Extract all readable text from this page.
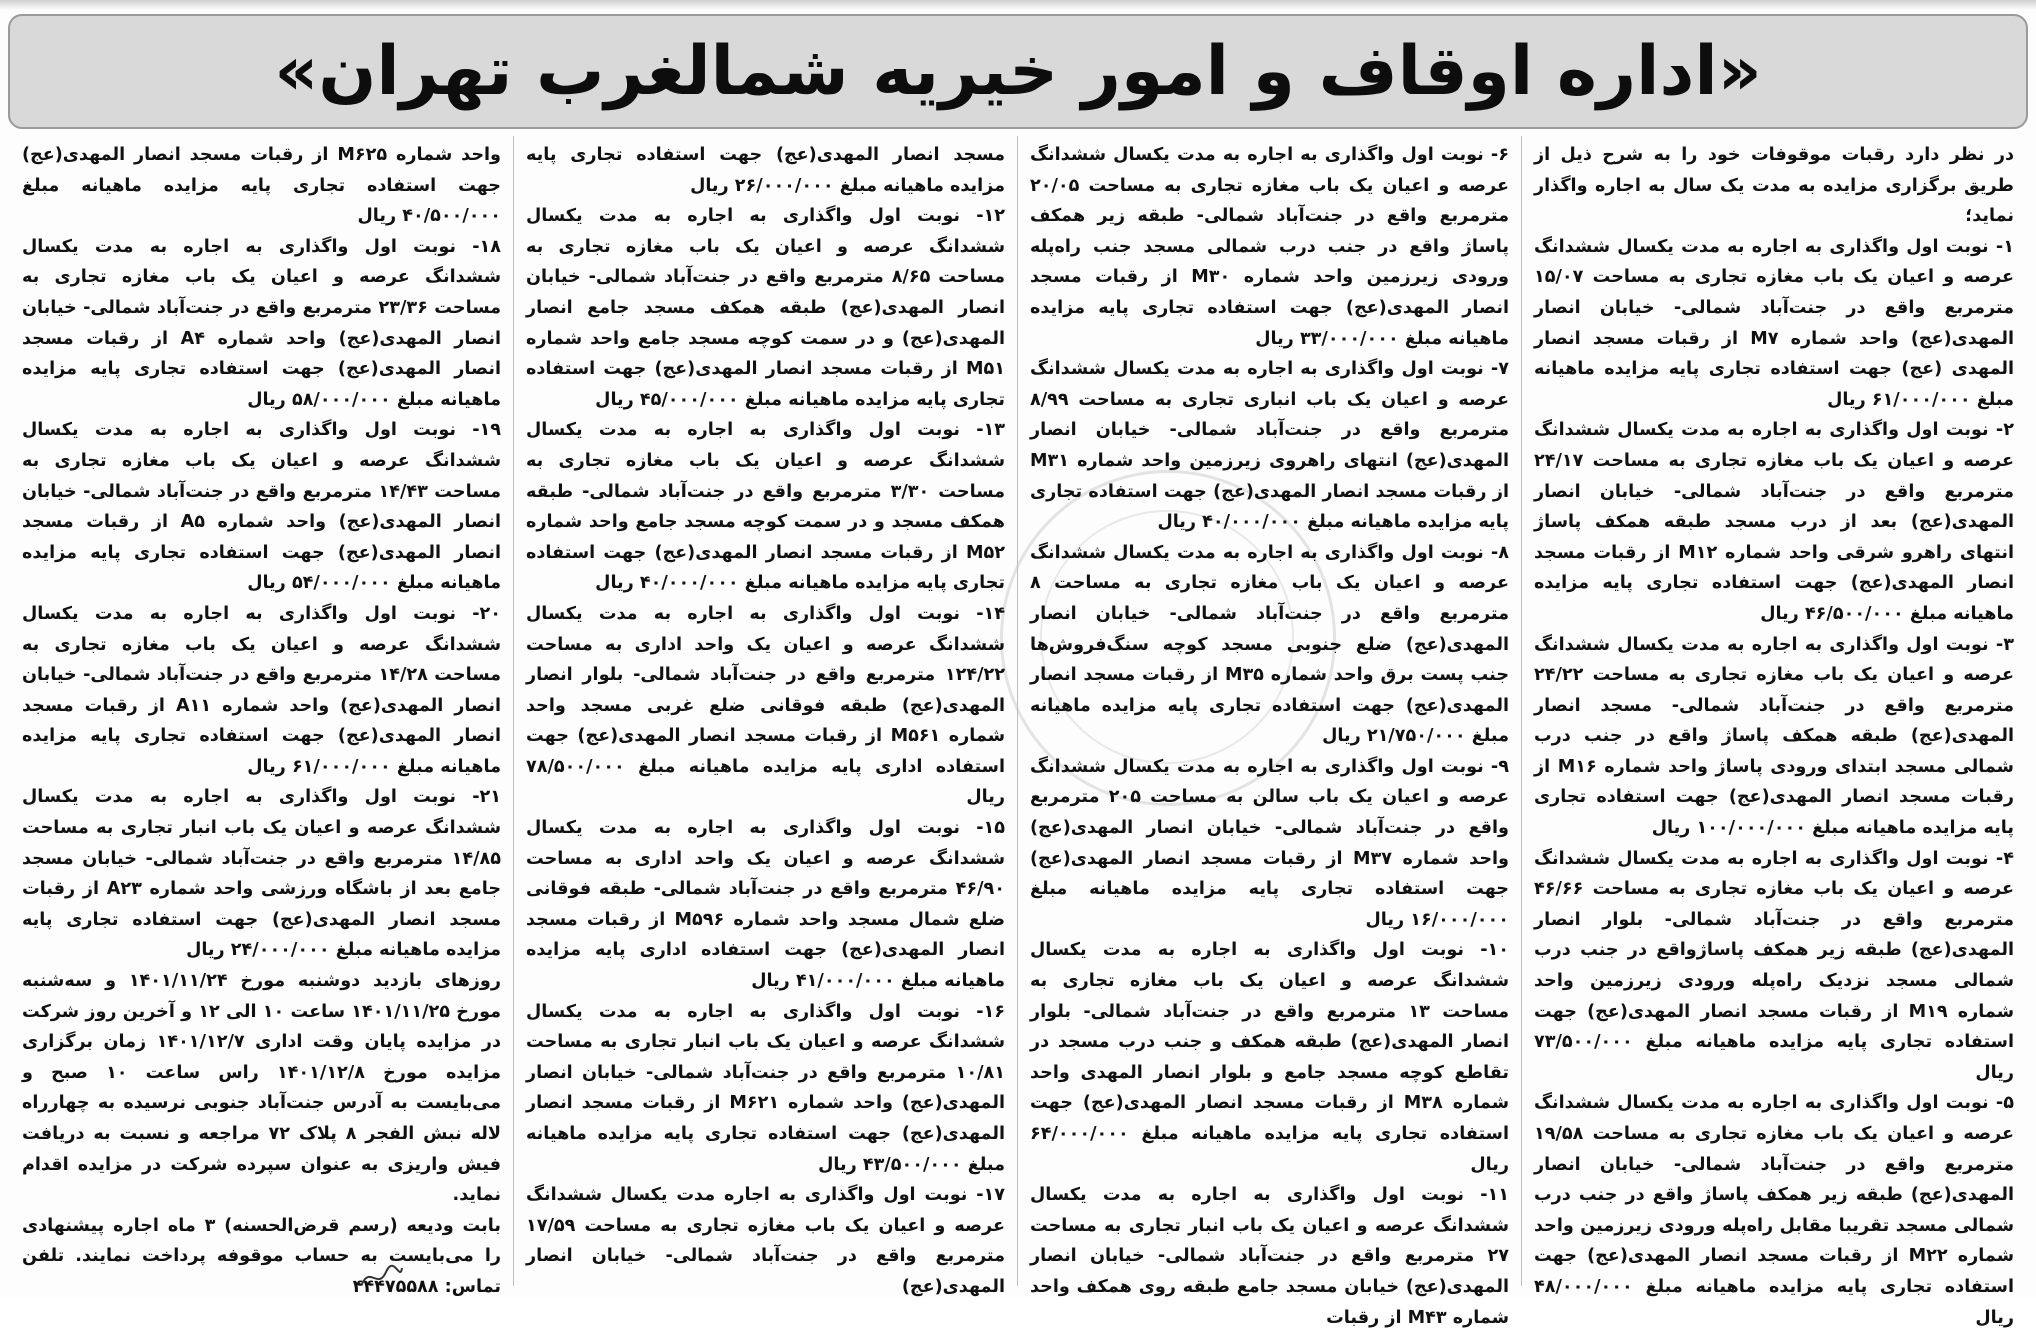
«اداره اوقاف و امور خیریه شمالغرب تهران»
در نظر دارد رقبات موقوفات خود را به شرح ذیل از طریق برگزاری مزایده به مدت یک سال به اجاره واگذار نماید؛
۱- نوبت اول واگذاری به اجاره به مدت یکسال ششدانگ عرصه و اعیان یک باب مغازه تجاری به مساحت ۱۵/۰۷ مترمربع واقع در جنت‌آباد شمالی- خیابان انصار المهدی(عج) واحد شماره M۷ از رقبات مسجد انصار المهدی (عج) جهت استفاده تجاری پایه مزایده ماهیانه مبلغ ۶۱/۰۰۰/۰۰۰ ریال
۲- نوبت اول واگذاری به اجاره به مدت یکسال ششدانگ عرصه و اعیان یک باب مغازه تجاری به مساحت ۲۴/۱۷ مترمربع واقع در جنت‌آباد شمالی- خیابان انصار المهدی(عج) بعد از درب مسجد طبقه همکف پاساژ انتهای راهرو شرقی واحد شماره M۱۲ از رقبات مسجد انصار المهدی(عج) جهت استفاده تجاری پایه مزایده ماهیانه مبلغ ۴۶/۵۰۰/۰۰۰ ریال
۳- نوبت اول واگذاری به اجاره به مدت یکسال ششدانگ عرصه و اعیان یک باب مغازه تجاری به مساحت ۲۴/۲۲ مترمربع واقع در جنت‌آباد شمالی- مسجد انصار المهدی(عج) طبقه همکف پاساژ واقع در جنب درب شمالی مسجد ابتدای ورودی پاساژ واحد شماره M۱۶ از رقبات مسجد انصار المهدی(عج) جهت استفاده تجاری پایه مزایده ماهیانه مبلغ ۱۰۰/۰۰۰/۰۰۰ ریال
۴- نوبت اول واگذاری به اجاره به مدت یکسال ششدانگ عرصه و اعیان یک باب مغازه تجاری به مساحت ۴۶/۶۶ مترمربع واقع در جنت‌آباد شمالی- بلوار انصار المهدی(عج) طبقه زیر همکف پاساژواقع در جنب درب شمالی مسجد نزدیک راه‌پله ورودی زیرزمین واحد شماره M۱۹ از رقبات مسجد انصار المهدی(عج) جهت استفاده تجاری پایه مزایده ماهیانه مبلغ ۷۳/۵۰۰/۰۰۰ ریال
۵- نوبت اول واگذاری به اجاره به مدت یکسال ششدانگ عرصه و اعیان یک باب مغازه تجاری به مساحت ۱۹/۵۸ مترمربع واقع در جنت‌آباد شمالی- خیابان انصار المهدی(عج) طبقه زیر همکف پاساژ واقع در جنب درب شمالی مسجد تقریبا مقابل راه‌پله ورودی زیرزمین واحد شماره M۲۲ از رقبات مسجد انصار المهدی(عج) جهت استفاده تجاری پایه مزایده ماهیانه مبلغ ۴۸/۰۰۰/۰۰۰ ریال
۶- نوبت اول واگذاری به اجاره به مدت یکسال ششدانگ عرصه و اعیان یک باب مغازه تجاری به مساحت ۲۰/۰۵ مترمربع واقع در جنت‌آباد شمالی- طبقه زیر همکف پاساژ واقع در جنب درب شمالی مسجد جنب راه‌پله ورودی زیرزمین واحد شماره M۳۰ از رقبات مسجد انصار المهدی(عج) جهت استفاده تجاری پایه مزایده ماهیانه مبلغ ۳۳/۰۰۰/۰۰۰ ریال
۷- نوبت اول واگذاری به اجاره به مدت یکسال ششدانگ عرصه و اعیان یک باب انباری تجاری به مساحت ۸/۹۹ مترمربع واقع در جنت‌آباد شمالی- خیابان انصار المهدی(عج) انتهای راهروی زیرزمین واحد شماره M۳۱ از رقبات مسجد انصار المهدی(عج) جهت استفاده تجاری پایه مزایده ماهیانه مبلغ ۴۰/۰۰۰/۰۰۰ ریال
۸- نوبت اول واگذاری به اجاره به مدت یکسال ششدانگ عرصه و اعیان یک باب مغازه تجاری به مساحت ۸ مترمربع واقع در جنت‌آباد شمالی- خیابان انصار المهدی(عج) ضلع جنوبی مسجد کوچه سنگ‌فروش‌ها جنب پست برق واحد شماره M۳۵ از رقبات مسجد انصار المهدی(عج) جهت استفاده تجاری پایه مزایده ماهیانه مبلغ ۲۱/۷۵۰/۰۰۰ ریال
۹- نوبت اول واگذاری به اجاره به مدت یکسال ششدانگ عرصه و اعیان یک باب سالن به مساحت ۲۰۵ مترمربع واقع در جنت‌آباد شمالی- خیابان انصار المهدی(عج) واحد شماره M۳۷ از رقبات مسجد انصار المهدی(عج) جهت استفاده تجاری پایه مزایده ماهیانه مبلغ ۱۶/۰۰۰/۰۰۰ ریال
۱۰- نوبت اول واگذاری به اجاره به مدت یکسال ششدانگ عرصه و اعیان یک باب مغازه تجاری به مساحت ۱۳ مترمربع واقع در جنت‌آباد شمالی- بلوار انصار المهدی(عج) طبقه همکف و جنب درب مسجد در تقاطع کوچه مسجد جامع و بلوار انصار المهدی واحد شماره M۳۸ از رقبات مسجد انصار المهدی(عج) جهت استفاده تجاری پایه مزایده ماهیانه مبلغ ۶۴/۰۰۰/۰۰۰ ریال
۱۱- نوبت اول واگذاری به اجاره به مدت یکسال ششدانگ عرصه و اعیان یک باب انبار تجاری به مساحت ۲۷ مترمربع واقع در جنت‌آباد شمالی- خیابان انصار المهدی(عج) خیابان مسجد جامع طبقه روی همکف واحد شماره M۴۳ از رقبات
مسجد انصار المهدی(عج) جهت استفاده تجاری پایه مزایده ماهیانه مبلغ ۲۶/۰۰۰/۰۰۰ ریال
۱۲- نوبت اول واگذاری به اجاره به مدت یکسال ششدانگ عرصه و اعیان یک باب مغازه تجاری به مساحت ۸/۶۵ مترمربع واقع در جنت‌آباد شمالی- خیابان انصار المهدی(عج) طبقه همکف مسجد جامع انصار المهدی(عج) و در سمت کوچه مسجد جامع واحد شماره M۵۱ از رقبات مسجد انصار المهدی(عج) جهت استفاده تجاری پایه مزایده ماهیانه مبلغ ۴۵/۰۰۰/۰۰۰ ریال
۱۳- نوبت اول واگذاری به اجاره به مدت یکسال ششدانگ عرصه و اعیان یک باب مغازه تجاری به مساحت ۳/۳۰ مترمربع واقع در جنت‌آباد شمالی- طبقه همکف مسجد و در سمت کوچه مسجد جامع واحد شماره M۵۲ از رقبات مسجد انصار المهدی(عج) جهت استفاده تجاری پایه مزایده ماهیانه مبلغ ۴۰/۰۰۰/۰۰۰ ریال
۱۴- نوبت اول واگذاری به اجاره به مدت یکسال ششدانگ عرصه و اعیان یک واحد اداری به مساحت ۱۲۴/۲۲ مترمربع واقع در جنت‌آباد شمالی- بلوار انصار المهدی(عج) طبقه فوقانی ضلع غربی مسجد واحد شماره M۵۶۱ از رقبات مسجد انصار المهدی(عج) جهت استفاده اداری پایه مزایده ماهیانه مبلغ ۷۸/۵۰۰/۰۰۰ ریال
۱۵- نوبت اول واگذاری به اجاره به مدت یکسال ششدانگ عرصه و اعیان یک واحد اداری به مساحت ۴۶/۹۰ مترمربع واقع در جنت‌آباد شمالی- طبقه فوقانی ضلع شمال مسجد واحد شماره M۵۹۶ از رقبات مسجد انصار المهدی(عج) جهت استفاده اداری پایه مزایده ماهیانه مبلغ ۴۱/۰۰۰/۰۰۰ ریال
۱۶- نوبت اول واگذاری به اجاره به مدت یکسال ششدانگ عرصه و اعیان یک باب انبار تجاری به مساحت ۱۰/۸۱ مترمربع واقع در جنت‌آباد شمالی- خیابان انصار المهدی(عج) واحد شماره M۶۲۱ از رقبات مسجد انصار المهدی(عج) جهت استفاده تجاری پایه مزایده ماهیانه مبلغ ۴۳/۵۰۰/۰۰۰ ریال
۱۷- نوبت اول واگذاری به اجاره مدت یکسال ششدانگ عرصه و اعیان یک باب مغازه تجاری به مساحت ۱۷/۵۹ مترمربع واقع در جنت‌آباد شمالی- خیابان انصار المهدی(عج)
واحد شماره M۶۲۵ از رقبات مسجد انصار المهدی(عج) جهت استفاده تجاری پایه مزایده ماهیانه مبلغ ۴۰/۵۰۰/۰۰۰ ریال
۱۸- نوبت اول واگذاری به اجاره به مدت یکسال ششدانگ عرصه و اعیان یک باب مغازه تجاری به مساحت ۲۳/۳۶ مترمربع واقع در جنت‌آباد شمالی- خیابان انصار المهدی(عج) واحد شماره A۴ از رقبات مسجد انصار المهدی(عج) جهت استفاده تجاری پایه مزایده ماهیانه مبلغ ۵۸/۰۰۰/۰۰۰ ریال
۱۹- نوبت اول واگذاری به اجاره به مدت یکسال ششدانگ عرصه و اعیان یک باب مغازه تجاری به مساحت ۱۴/۴۳ مترمربع واقع در جنت‌آباد شمالی- خیابان انصار المهدی(عج) واحد شماره A۵ از رقبات مسجد انصار المهدی(عج) جهت استفاده تجاری پایه مزایده ماهیانه مبلغ ۵۴/۰۰۰/۰۰۰ ریال
۲۰- نوبت اول واگذاری به اجاره به مدت یکسال ششدانگ عرصه و اعیان یک باب مغازه تجاری به مساحت ۱۴/۲۸ مترمربع واقع در جنت‌آباد شمالی- خیابان انصار المهدی(عج) واحد شماره A۱۱ از رقبات مسجد انصار المهدی(عج) جهت استفاده تجاری پایه مزایده ماهیانه مبلغ ۶۱/۰۰۰/۰۰۰ ریال
۲۱- نوبت اول واگذاری به اجاره به مدت یکسال ششدانگ عرصه و اعیان یک باب انبار تجاری به مساحت ۱۴/۸۵ مترمربع واقع در جنت‌آباد شمالی- خیابان مسجد جامع بعد از باشگاه ورزشی واحد شماره A۲۳ از رقبات مسجد انصار المهدی(عج) جهت استفاده تجاری پایه مزایده ماهیانه مبلغ ۲۴/۰۰۰/۰۰۰ ریال
روزهای بازدید دوشنبه مورخ ۱۴۰۱/۱۱/۲۴ و سه‌شنبه مورخ ۱۴۰۱/۱۱/۲۵ ساعت ۱۰ الی ۱۲ و آخرین روز شرکت در مزایده پایان وقت اداری ۱۴۰۱/۱۲/۷ زمان برگزاری مزایده مورخ ۱۴۰۱/۱۲/۸ راس ساعت ۱۰ صبح و می‌بایست به آدرس جنت‌آباد جنوبی نرسیده به چهارراه لاله نبش الفجر ۸ پلاک ۷۲ مراجعه و نسبت به دریافت فیش واریزی به عنوان سپرده شرکت در مزایده اقدام نماید.
بابت ودیعه (رسم قرض‌الحسنه) ۳ ماه اجاره پیشنهادی را می‌بایست به حساب موقوفه پرداخت نمایند. تلفن تماس: ۴۴۴۷۵۵۸۸
